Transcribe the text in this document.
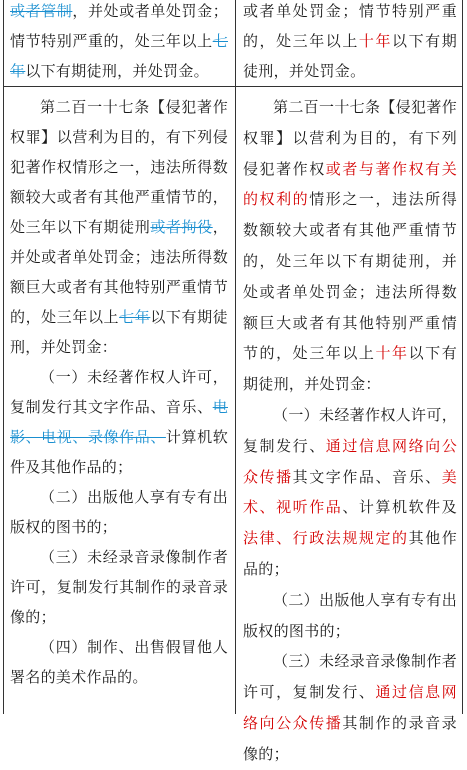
或者管制，并处或者单处罚金；情节特别严重的，处三年以上七年以下有期徒刑，并处罚金。

或者单处罚金；情节特别严重的，处三年以上十年以下有期徒刑，并处罚金。

第二百一十七条【侵犯著作权罪】以营利为目的，有下列侵犯著作权情形之一，违法所得数额较大或者有其他严重情节的，处三年以下有期徒刑或者拘役，并处或者单处罚金；违法所得数额巨大或者有其他特别严重情节的，处三年以上七年以下有期徒刑，并处罚金：

（一）未经著作权人许可，复制发行其文字作品、音乐、电影、电视、录像作品、计算机软件及其他作品的；

（二）出版他人享有专有出版权的图书的；

（三）未经录音录像制作者许可，复制发行其制作的录音录像的；

（四）制作、出售假冒他人署名的美术作品的。

第二百一十七条【侵犯著作权罪】以营利为目的，有下列侵犯著作权或者与著作权有关的权利的情形之一，违法所得数额较大或者有其他严重情节的，处三年以下有期徒刑，并处或者单处罚金；违法所得数额巨大或者有其他特别严重情节的，处三年以上十年以下有期徒刑，并处罚金：

（一）未经著作权人许可，复制发行、通过信息网络向公众传播其文字作品、音乐、美术、视听作品、计算机软件及法律、行政法规规定的其他作品的；

（二）出版他人享有专有出版权的图书的；

（三）未经录音录像制作者许可，复制发行、通过信息网络向公众传播其制作的录音录像的；
